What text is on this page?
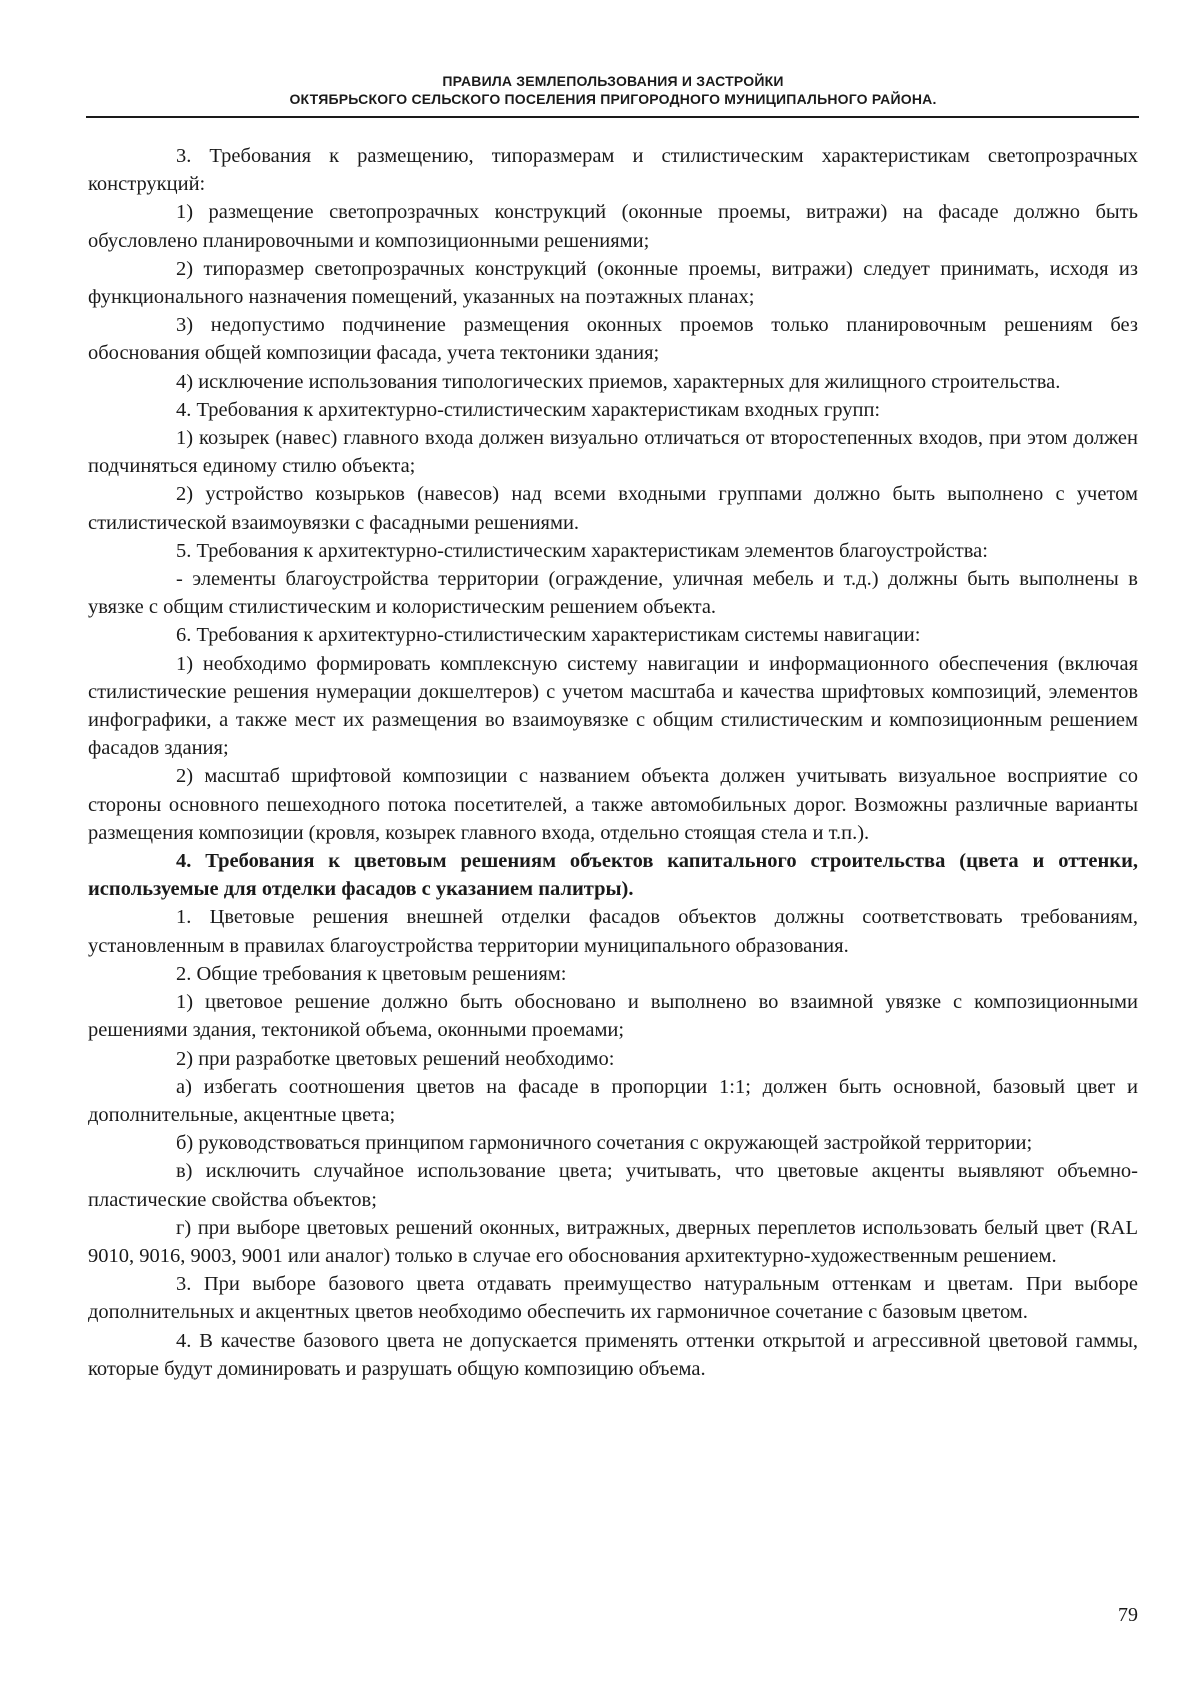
ПРАВИЛА ЗЕМЛЕПОЛЬЗОВАНИЯ И ЗАСТРОЙКИ
ОКТЯБРЬСКОГО СЕЛЬСКОГО ПОСЕЛЕНИЯ ПРИГОРОДНОГО МУНИЦИПАЛЬНОГО РАЙОНА.

3. Требования к размещению, типоразмерам и стилистическим характеристикам светопрозрачных конструкций:

1) размещение светопрозрачных конструкций (оконные проемы, витражи) на фасаде должно быть обусловлено планировочными и композиционными решениями;

2) типоразмер светопрозрачных конструкций (оконные проемы, витражи) следует принимать, исходя из функционального назначения помещений, указанных на поэтажных планах;

3) недопустимо подчинение размещения оконных проемов только планировочным решениям без обоснования общей композиции фасада, учета тектоники здания;

4) исключение использования типологических приемов, характерных для жилищного строительства.

4. Требования к архитектурно-стилистическим характеристикам входных групп:

1) козырек (навес) главного входа должен визуально отличаться от второстепенных входов, при этом должен подчиняться единому стилю объекта;

2) устройство козырьков (навесов) над всеми входными группами должно быть выполнено с учетом стилистической взаимоувязки с фасадными решениями.

5. Требования к архитектурно-стилистическим характеристикам элементов благоустройства:

- элементы благоустройства территории (ограждение, уличная мебель и т.д.) должны быть выполнены в увязке с общим стилистическим и колористическим решением объекта.

6. Требования к архитектурно-стилистическим характеристикам системы навигации:

1) необходимо формировать комплексную систему навигации и информационного обеспечения (включая стилистические решения нумерации докшелтеров) с учетом масштаба и качества шрифтовых композиций, элементов инфографики, а также мест их размещения во взаимоувязке с общим стилистическим и композиционным решением фасадов здания;

2) масштаб шрифтовой композиции с названием объекта должен учитывать визуальное восприятие со стороны основного пешеходного потока посетителей, а также автомобильных дорог. Возможны различные варианты размещения композиции (кровля, козырек главного входа, отдельно стоящая стела и т.п.).

4. Требования к цветовым решениям объектов капитального строительства (цвета и оттенки, используемые для отделки фасадов с указанием палитры).

1. Цветовые решения внешней отделки фасадов объектов должны соответствовать требованиям, установленным в правилах благоустройства территории муниципального образования.

2. Общие требования к цветовым решениям:

1) цветовое решение должно быть обосновано и выполнено во взаимной увязке с композиционными решениями здания, тектоникой объема, оконными проемами;

2) при разработке цветовых решений необходимо:

а) избегать соотношения цветов на фасаде в пропорции 1:1; должен быть основной, базовый цвет и дополнительные, акцентные цвета;

б) руководствоваться принципом гармоничного сочетания с окружающей застройкой территории;

в) исключить случайное использование цвета; учитывать, что цветовые акценты выявляют объемно-пластические свойства объектов;

г) при выборе цветовых решений оконных, витражных, дверных переплетов использовать белый цвет (RAL 9010, 9016, 9003, 9001 или аналог) только в случае его обоснования архитектурно-художественным решением.

3. При выборе базового цвета отдавать преимущество натуральным оттенкам и цветам. При выборе дополнительных и акцентных цветов необходимо обеспечить их гармоничное сочетание с базовым цветом.

4. В качестве базового цвета не допускается применять оттенки открытой и агрессивной цветовой гаммы, которые будут доминировать и разрушать общую композицию объема.

79
